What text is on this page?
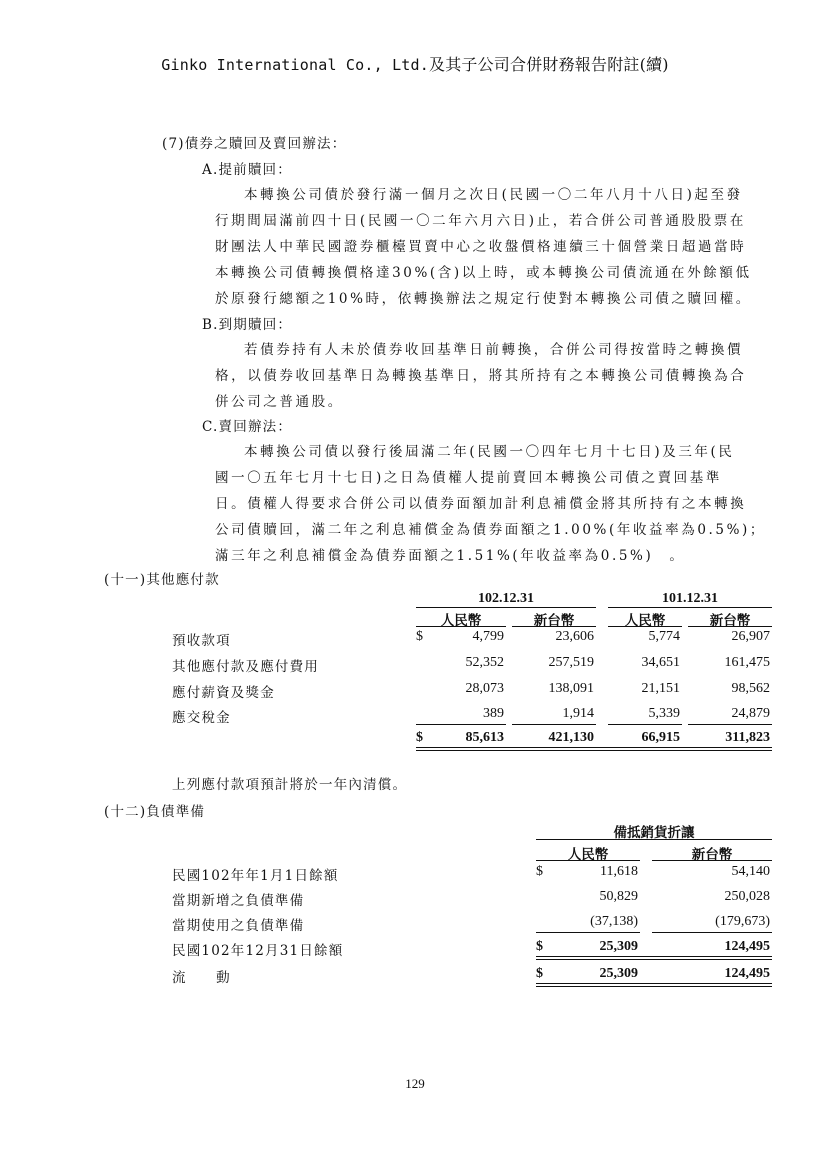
Ginko International Co., Ltd.及其子公司合併財務報告附註(續)
(7)債券之贖回及賣回辦法：
A.提前贖回：
本轉換公司債於發行滿一個月之次日(民國一〇二年八月十八日)起至發
行期間屆滿前四十日(民國一〇二年六月六日)止，若合併公司普通股股票在
財團法人中華民國證券櫃檯買賣中心之收盤價格連續三十個營業日超過當時
本轉換公司債轉換價格達30%(含)以上時，或本轉換公司債流通在外餘額低
於原發行總額之10%時，依轉換辦法之規定行使對本轉換公司債之贖回權。
B.到期贖回：
若債券持有人未於債券收回基準日前轉換，合併公司得按當時之轉換價
格，以債券收回基準日為轉換基準日，將其所持有之本轉換公司債轉換為合
併公司之普通股。
C.賣回辦法：
本轉換公司債以發行後屆滿二年(民國一〇四年七月十七日)及三年(民
國一〇五年七月十七日)之日為債權人提前賣回本轉換公司債之賣回基準
日。債權人得要求合併公司以債券面額加計利息補償金將其所持有之本轉換
公司債贖回，滿二年之利息補償金為債券面額之1.00%(年收益率為0.5%)；
滿三年之利息補償金為債券面額之1.51%(年收益率為0.5%)　。
(十一)其他應付款
102.12.31	101.12.31
人民幣	新台幣	人民幣	新台幣
預收款項	$	4,799	23,606	5,774	26,907
其他應付款及應付費用	52,352	257,519	34,651	161,475
應付薪資及獎金	28,073	138,091	21,151	98,562
應交稅金	389	1,914	5,339	24,879
$	85,613	421,130	66,915	311,823
上列應付款項預計將於一年內清償。
(十二)負債準備
備抵銷貨折讓
人民幣	新台幣
民國102年年1月1日餘額	$	11,618	54,140
當期新增之負債準備	50,829	250,028
當期使用之負債準備	(37,138)	(179,673)
民國102年12月31日餘額	$	25,309	124,495
流　　動	$	25,309	124,495
129
